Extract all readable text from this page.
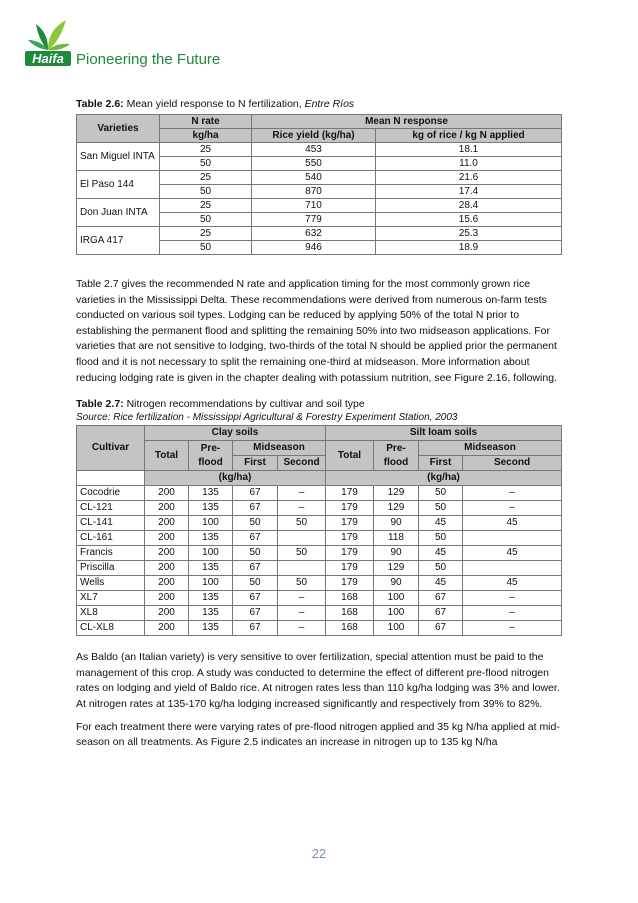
Haifa Pioneering the Future
Table 2.6: Mean yield response to N fertilization, Entre Ríos
Varieties	N rate	Mean N response	
	kg/ha	Rice yield (kg/ha)	kg of rice / kg N applied
San Miguel INTA	25	453	18.1
	50	550	11.0
El Paso 144	25	540	21.6
	50	870	17.4
Don Juan INTA	25	710	28.4
	50	779	15.6
IRGA 417	25	632	25.3
	50	946	18.9

Table 2.7 gives the recommended N rate and application timing for the most commonly grown rice varieties in the Mississippi Delta. These recommendations were derived from numerous on-farm tests conducted on various soil types. Lodging can be reduced by applying 50% of the total N prior to establishing the permanent flood and splitting the remaining 50% into two midseason applications. For varieties that are not sensitive to lodging, two-thirds of the total N should be applied prior the permanent flood and it is not necessary to split the remaining one-third at midseason. More information about reducing lodging rate is given in the chapter dealing with potassium nutrition, see Figure 2.16, following.

Table 2.7: Nitrogen recommendations by cultivar and soil type
Source: Rice fertilization - Mississippi Agricultural & Forestry Experiment Station, 2003
Cultivar	Clay soils				Silt loam soils			
	Total	Pre-flood	Midseason		Total	Pre-flood	Midseason	
			First	Second			First	Second
	(kg/ha)				(kg/ha)			
Cocodrie	200	135	67	–	179	129	50	–
CL-121	200	135	67	–	179	129	50	–
CL-141	200	100	50	50	179	90	45	45
CL-161	200	135	67		179	118	50	
Francis	200	100	50	50	179	90	45	45
Priscilla	200	135	67		179	129	50	
Wells	200	100	50	50	179	90	45	45
XL7	200	135	67	–	168	100	67	–
XL8	200	135	67	–	168	100	67	–
CL-XL8	200	135	67	–	168	100	67	–

As Baldo (an Italian variety) is very sensitive to over fertilization, special attention must be paid to the management of this crop. A study was conducted to determine the effect of different pre-flood nitrogen rates on lodging and yield of Baldo rice. At nitrogen rates less than 110 kg/ha lodging was 3% and lower. At nitrogen rates at 135-170 kg/ha lodging increased significantly and respectively from 39% to 82%.

For each treatment there were varying rates of pre-flood nitrogen applied and 35 kg N/ha applied at mid-season on all treatments. As Figure 2.5 indicates an increase in nitrogen up to 135 kg N/ha

22
